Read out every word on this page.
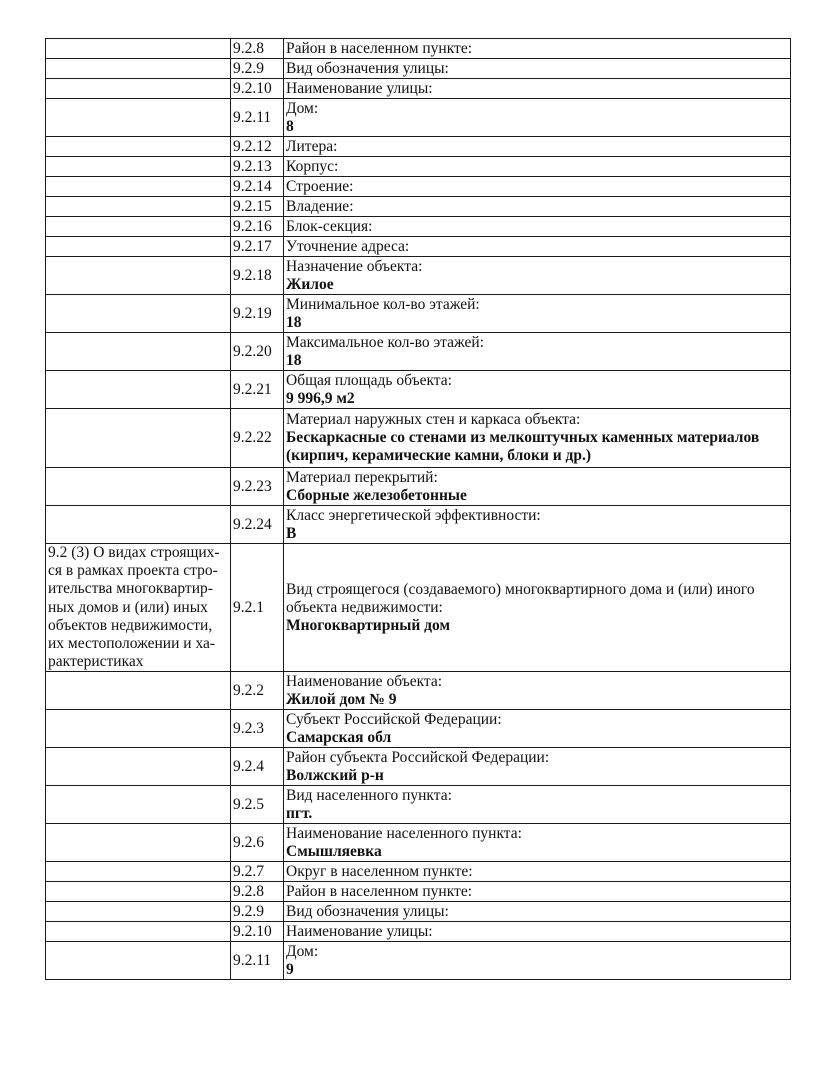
	9.2.8	Район в населенном пункте:

	9.2.9	Вид обозначения улицы:

	9.2.10	Наименование улицы:

	9.2.11	Дом:
8

	9.2.12	Литера:

	9.2.13	Корпус:

	9.2.14	Строение:

	9.2.15	Владение:

	9.2.16	Блок-секция:

	9.2.17	Уточнение адреса:

	9.2.18	Назначение объекта:
Жилое

	9.2.19	Минимальное кол-во этажей:
18

	9.2.20	Максимальное кол-во этажей:
18

	9.2.21	Общая площадь объекта:
9 996,9 м2

	9.2.22	Материал наружных стен и каркаса объекта:
Бескаркасные со стенами из мелкоштучных каменных материалов (кирпич, керамические камни, блоки и др.)

	9.2.23	Материал перекрытий:
Сборные железобетонные

	9.2.24	Класс энергетической эффективности:
В

9.2 (3) О видах строящих-ся в рамках проекта стро-ительства многоквартир-ных домов и (или) иных объектов недвижимости, их местоположении и ха-рактеристиках	9.2.1	Вид строящегося (создаваемого) многоквартирного дома и (или) иного объекта недвижимости:
Многоквартирный дом

	9.2.2	Наименование объекта:
Жилой дом № 9

	9.2.3	Субъект Российской Федерации:
Самарская обл

	9.2.4	Район субъекта Российской Федерации:
Волжский р-н

	9.2.5	Вид населенного пункта:
пгт.

	9.2.6	Наименование населенного пункта:
Смышляевка

	9.2.7	Округ в населенном пункте:

	9.2.8	Район в населенном пункте:

	9.2.9	Вид обозначения улицы:

	9.2.10	Наименование улицы:

	9.2.11	Дом:
9
